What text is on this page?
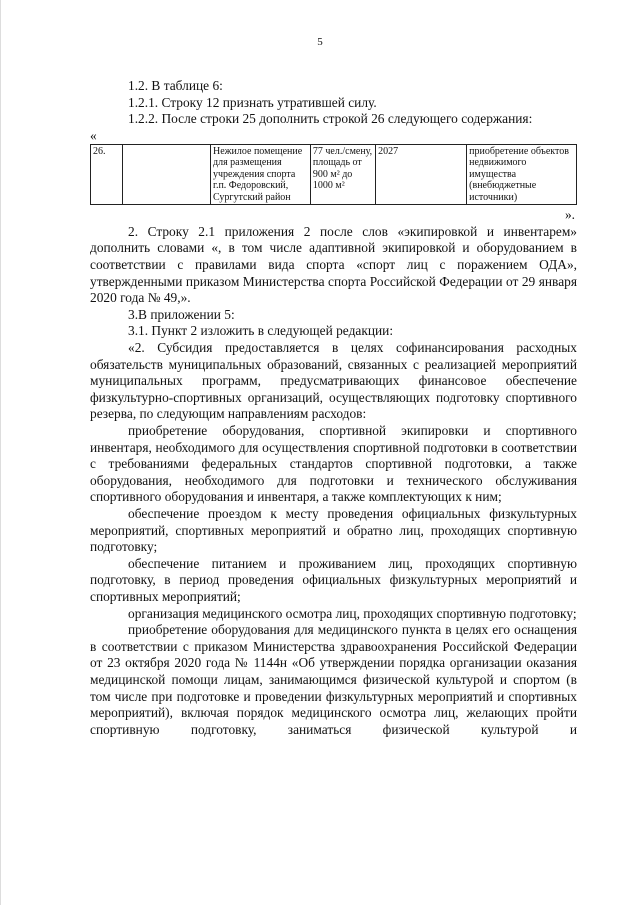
5

1.2. В таблице 6:

1.2.1. Строку 12 признать утратившей силу.

1.2.2. После строки 25 дополнить строкой 26 следующего содержания:

«

26.		Нежилое помещение для размещения учреждения спорта г.п. Федоровский, Сургутский район	77 чел./смену, площадь от 900 м² до 1000 м²	2027	приобретение объектов недвижимого имущества (внебюджетные источники)

».

2. Строку 2.1 приложения 2 после слов «экипировкой и инвентарем» дополнить словами «, в том числе адаптивной экипировкой и оборудованием в соответствии с правилами вида спорта «спорт лиц с поражением ОДА», утвержденными приказом Министерства спорта Российской Федерации от 29 января 2020 года № 49,».

3.В приложении 5:

3.1. Пункт 2 изложить в следующей редакции:

«2. Субсидия предоставляется в целях софинансирования расходных обязательств муниципальных образований, связанных с реализацией мероприятий муниципальных программ, предусматривающих финансовое обеспечение физкультурно-спортивных организаций, осуществляющих подготовку спортивного резерва, по следующим направлениям расходов:

приобретение оборудования, спортивной экипировки и спортивного инвентаря, необходимого для осуществления спортивной подготовки в соответствии с требованиями федеральных стандартов спортивной подготовки, а также оборудования, необходимого для подготовки и технического обслуживания спортивного оборудования и инвентаря, а также комплектующих к ним;

обеспечение проездом к месту проведения официальных физкультурных мероприятий, спортивных мероприятий и обратно лиц, проходящих спортивную подготовку;

обеспечение питанием и проживанием лиц, проходящих спортивную подготовку, в период проведения официальных физкультурных мероприятий и спортивных мероприятий;

организация медицинского осмотра лиц, проходящих спортивную подготовку;

приобретение оборудования для медицинского пункта в целях его оснащения в соответствии с приказом Министерства здравоохранения Российской Федерации от 23 октября 2020 года № 1144н «Об утверждении порядка организации оказания медицинской помощи лицам, занимающимся физической культурой и спортом (в том числе при подготовке и проведении физкультурных мероприятий и спортивных мероприятий), включая порядок медицинского осмотра лиц, желающих пройти спортивную подготовку, заниматься физической культурой и
